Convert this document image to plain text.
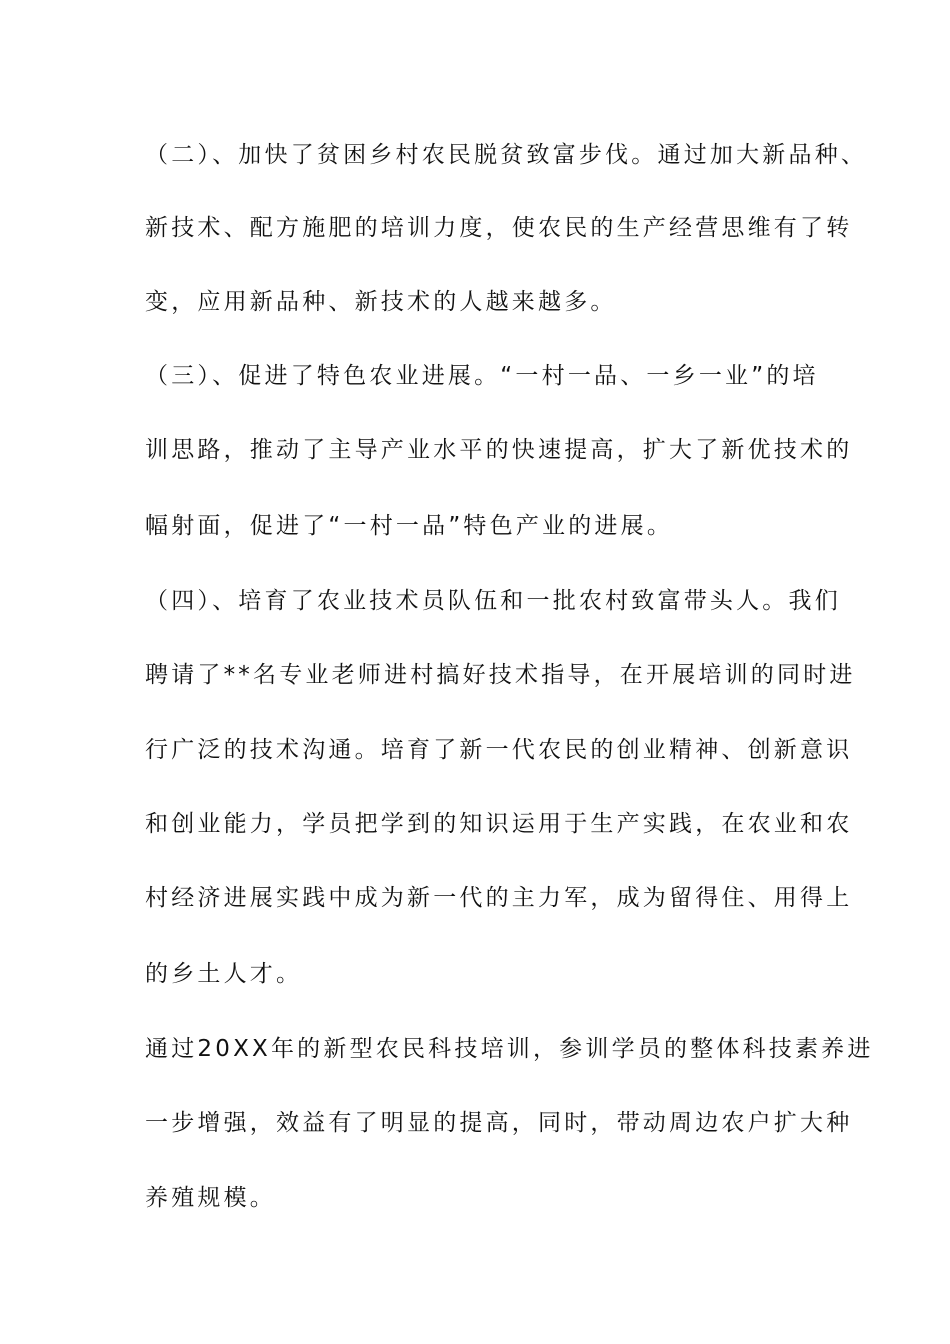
（二）、加快了贫困乡村农民脱贫致富步伐。通过加大新品种、
新技术、配方施肥的培训力度，使农民的生产经营思维有了转
变，应用新品种、新技术的人越来越多。
（三）、促进了特色农业进展。“一村一品、一乡一业”的培
训思路，推动了主导产业水平的快速提高，扩大了新优技术的
幅射面，促进了“一村一品”特色产业的进展。
（四）、培育了农业技术员队伍和一批农村致富带头人。我们
聘请了**名专业老师进村搞好技术指导，在开展培训的同时进
行广泛的技术沟通。培育了新一代农民的创业精神、创新意识
和创业能力，学员把学到的知识运用于生产实践，在农业和农
村经济进展实践中成为新一代的主力军，成为留得住、用得上
的乡土人才。
通过20XX年的新型农民科技培训，参训学员的整体科技素养进
一步增强，效益有了明显的提高，同时，带动周边农户扩大种
养殖规模。
